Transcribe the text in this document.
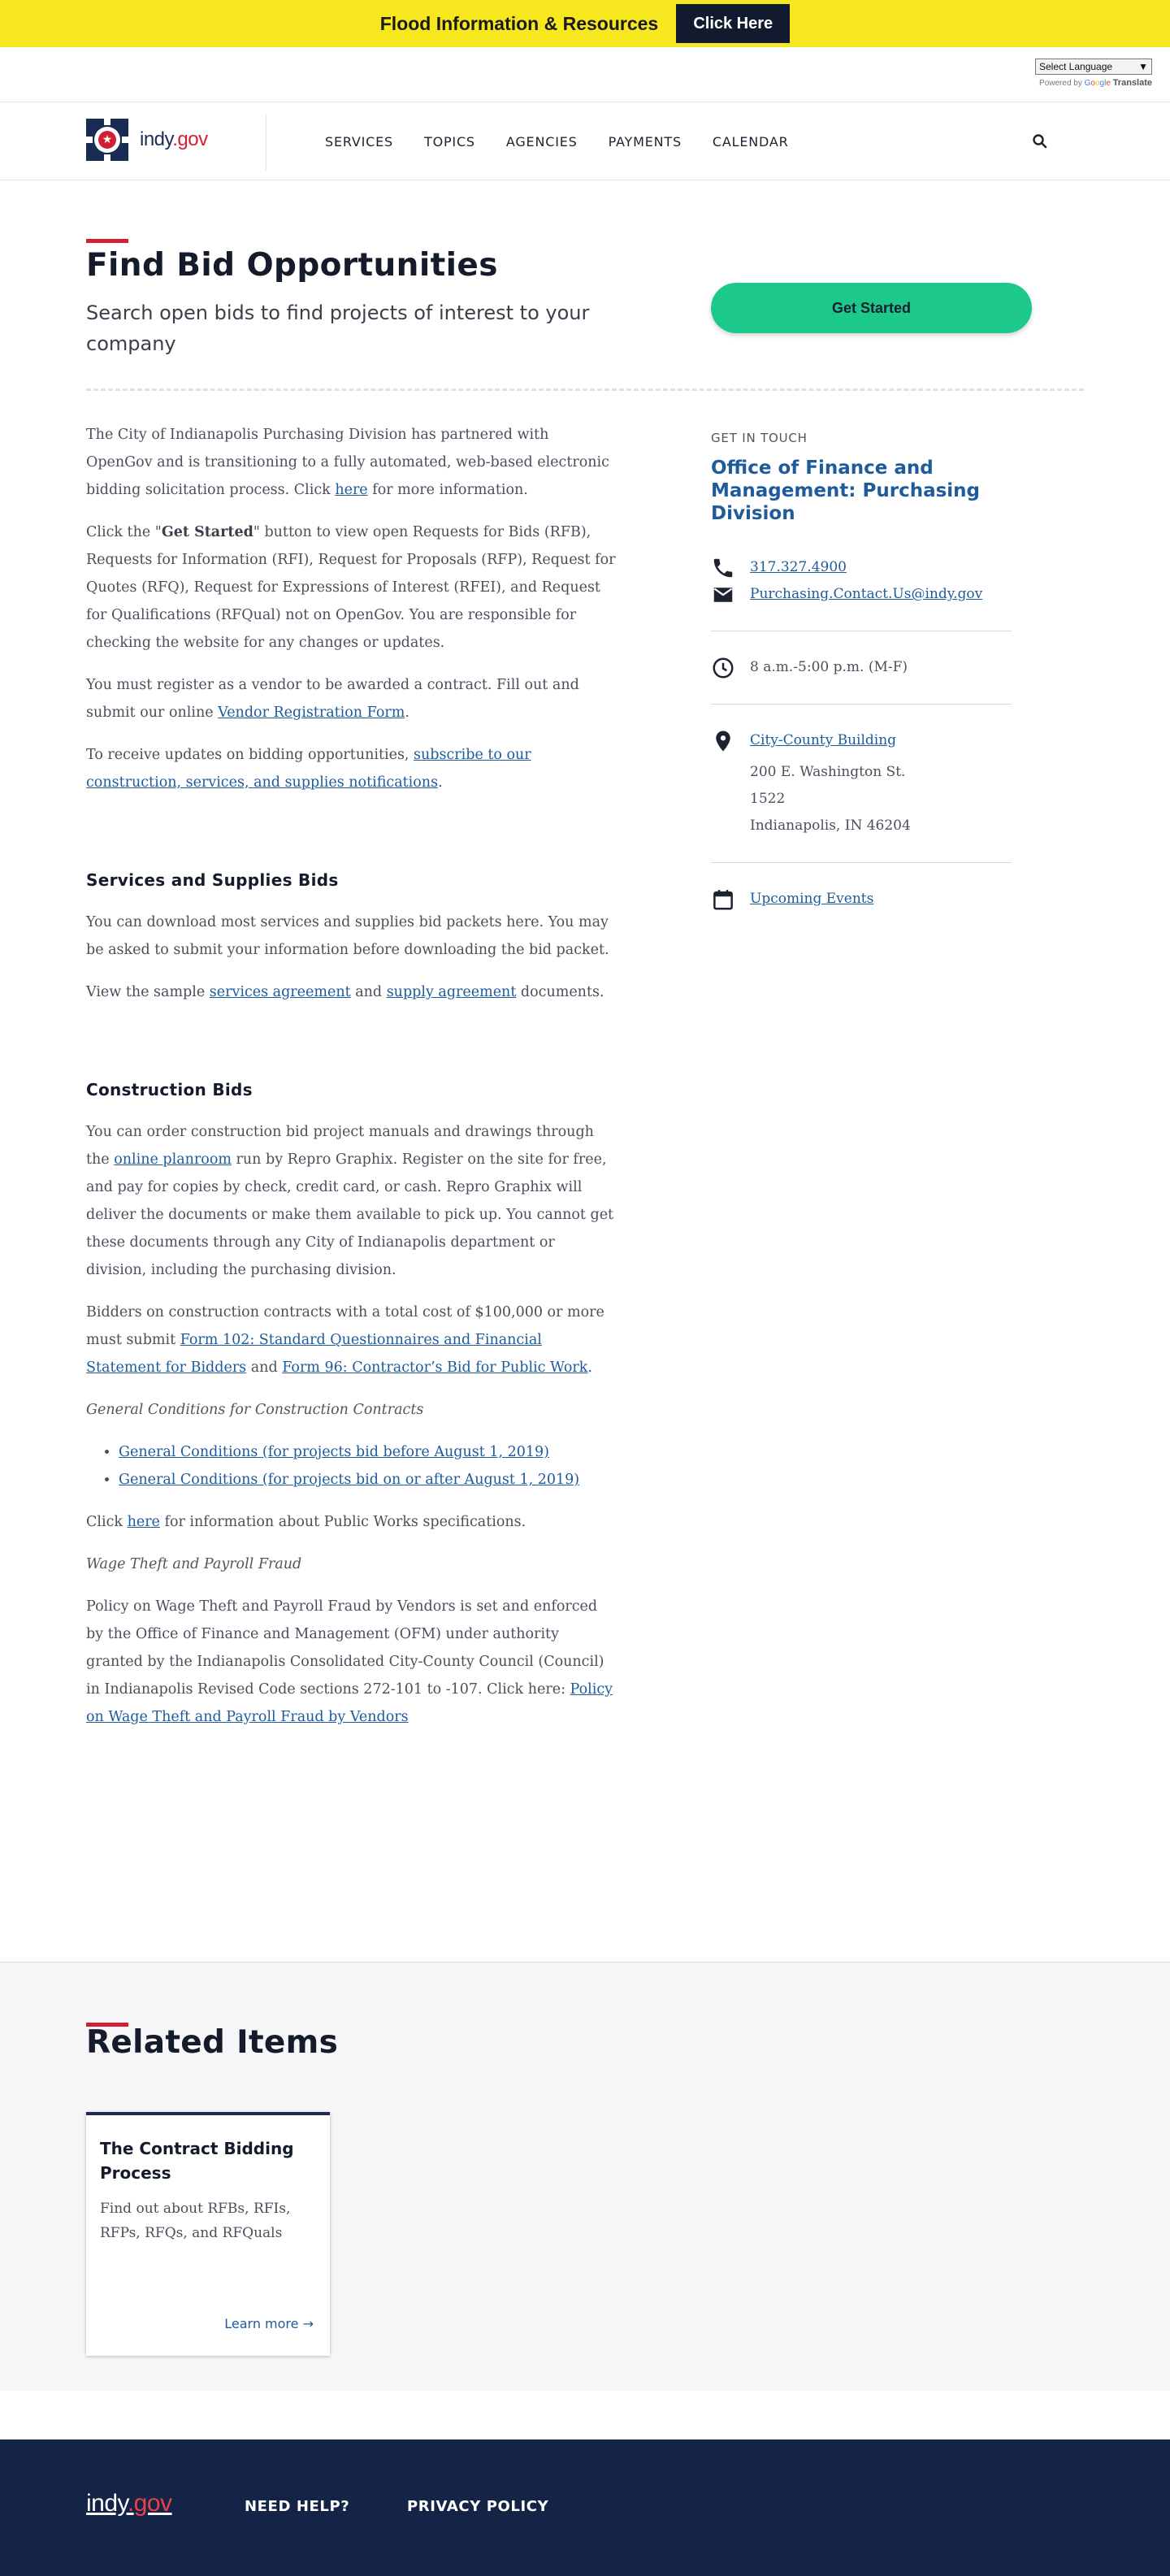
Flood Information & Resources	Click Here
Select Language	▼
Powered by Google Translate
★ indy.gov	SERVICES TOPICS AGENCIES PAYMENTS CALENDAR
Find Bid Opportunities
Search open bids to find projects of interest to your company
Get Started

The City of Indianapolis Purchasing Division has partnered with OpenGov and is transitioning to a fully automated, web-based electronic bidding solicitation process. Click here for more information.

Click the "Get Started" button to view open Requests for Bids (RFB), Requests for Information (RFI), Request for Proposals (RFP), Request for Quotes (RFQ), Request for Expressions of Interest (RFEI), and Request for Qualifications (RFQual) not on OpenGov. You are responsible for checking the website for any changes or updates.

You must register as a vendor to be awarded a contract. Fill out and submit our online Vendor Registration Form.

To receive updates on bidding opportunities, subscribe to our construction, services, and supplies notifications.

Services and Supplies Bids

You can download most services and supplies bid packets here. You may be asked to submit your information before downloading the bid packet.

View the sample services agreement and supply agreement documents.

Construction Bids

You can order construction bid project manuals and drawings through the online planroom run by Repro Graphix. Register on the site for free, and pay for copies by check, credit card, or cash. Repro Graphix will deliver the documents or make them available to pick up. You cannot get these documents through any City of Indianapolis department or division, including the purchasing division.

Bidders on construction contracts with a total cost of $100,000 or more must submit Form 102: Standard Questionnaires and Financial Statement for Bidders and Form 96: Contractor’s Bid for Public Work.

General Conditions for Construction Contracts

• General Conditions (for projects bid before August 1, 2019)
• General Conditions (for projects bid on or after August 1, 2019)

Click here for information about Public Works specifications.

Wage Theft and Payroll Fraud

Policy on Wage Theft and Payroll Fraud by Vendors is set and enforced by the Office of Finance and Management (OFM) under authority granted by the Indianapolis Consolidated City-County Council (Council) in Indianapolis Revised Code sections 272-101 to -107. Click here: Policy on Wage Theft and Payroll Fraud by Vendors

GET IN TOUCH
Office of Finance and Management: Purchasing Division
317.327.4900
Purchasing.Contact.Us@indy.gov
8 a.m.-5:00 p.m. (M-F)
City-County Building
200 E. Washington St.
1522
Indianapolis, IN 46204
Upcoming Events
Related Items
The Contract Bidding Process

Find out about RFBs, RFIs, RFPs, RFQs, and RFQuals

Learn more →
indy.gov	NEED HELP?	PRIVACY POLICY
